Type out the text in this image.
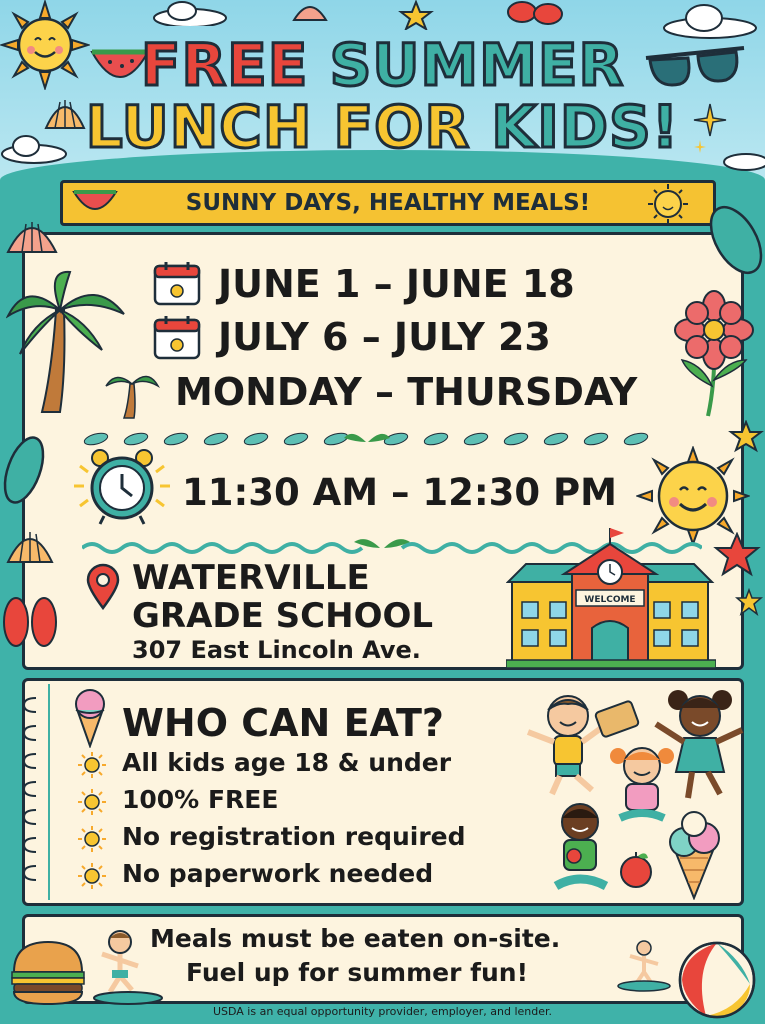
FREE SUMMER
LUNCH FOR KIDS!
SUNNY DAYS, HEALTHY MEALS!
JUNE 1 – JUNE 18
JULY 6 – JULY 23
MONDAY – THURSDAY
11:30 AM – 12:30 PM
WATERVILLE
GRADE SCHOOL
307 East Lincoln Ave.
WELCOME
WHO CAN EAT?
All kids age 18 & under
100% FREE
No registration required
No paperwork needed
Meals must be eaten on-site.
Fuel up for summer fun!
USDA is an equal opportunity provider, employer, and lender.
